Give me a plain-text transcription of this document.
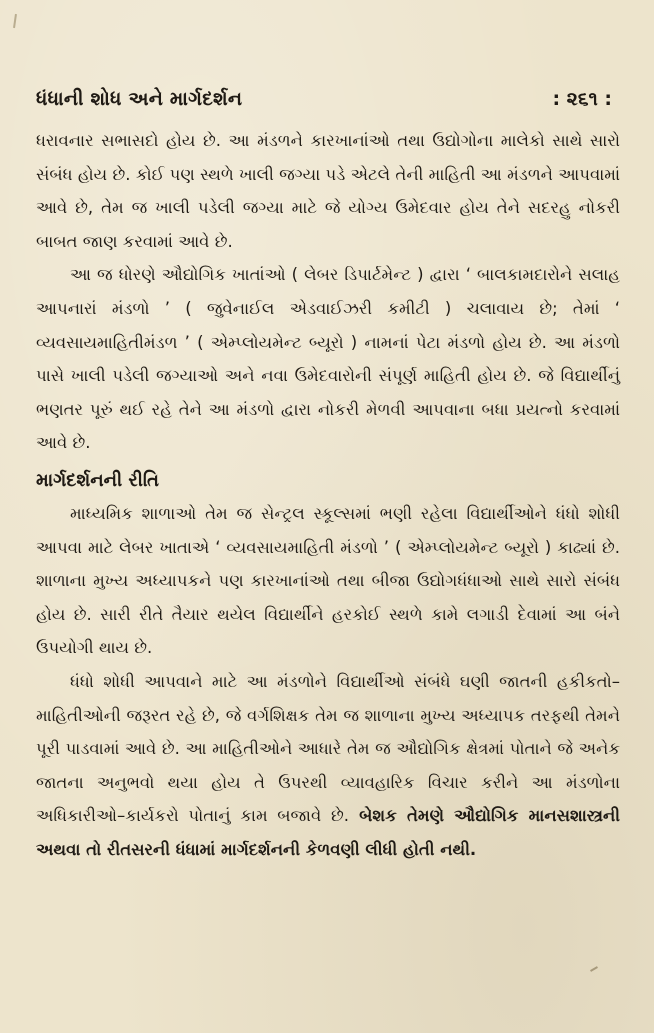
ધંધાની શોધ અને માર્ગદર્શન	: ૨૬૧ :

ધરાવનાર સભાસદો હોય છે. આ મંડળને કારખાનાંઓ તથા ઉદ્યોગોના માલેકો સાથે સારો સંબંધ હોય છે. કોઈ પણ સ્થળે ખાલી જગ્યા પડે એટલે તેની માહિતી આ મંડળને આપવામાં આવે છે, તેમ જ ખાલી પડેલી જગ્યા માટે જે યોગ્ય ઉમેદવાર હોય તેને સદરહુ નોકરી બાબત જાણ કરવામાં આવે છે.

આ જ ધોરણે ઔદ્યોગિક ખાતાંઓ ( લેબર ડિપાર્ટમેન્ટ ) દ્વારા ‘ બાલકામદારોને સલાહ આપનારાં મંડળો ’ ( જુવેનાઈલ એડવાઈઝરી કમીટી ) ચલાવાય છે; તેમાં ‘ વ્યવસાયમાહિતીમંડળ ’ ( એમ્પ્લોયમેન્ટ બ્યૂરો ) નામનાં પેટા મંડળો હોય છે. આ મંડળો પાસે ખાલી પડેલી જગ્યાઓ અને નવા ઉમેદવારોની સંપૂર્ણ માહિતી હોય છે. જે વિદ્યાર્થીનું ભણતર પૂરું થઈ રહે તેને આ મંડળો દ્વારા નોકરી મેળવી આપવાના બધા પ્રયત્નો કરવામાં આવે છે.

માર્ગદર્શનની રીતિ

માધ્યમિક શાળાઓ તેમ જ સેન્ટ્રલ સ્કૂલ્સમાં ભણી રહેલા વિદ્યાર્થીઓને ધંધો શોધી આપવા માટે લેબર ખાતાએ ‘ વ્યવસાયમાહિતી મંડળો ’ ( એમ્પ્લોયમેન્ટ બ્યૂરો ) કાઢ્યાં છે. શાળાના મુખ્ય અધ્યાપકને પણ કારખાનાંઓ તથા બીજા ઉદ્યોગધંધાઓ સાથે સારો સંબંધ હોય છે. સારી રીતે તૈયાર થયેલ વિદ્યાર્થીને હરકોઈ સ્થળે કામે લગાડી દેવામાં આ બંને ઉપયોગી થાય છે.

ધંધો શોધી આપવાને માટે આ મંડળોને વિદ્યાર્થીઓ સંબંધે ઘણી જાતની હકીકતો–માહિતીઓની જરૂરત રહે છે, જે વર્ગશિક્ષક તેમ જ શાળાના મુખ્ય અધ્યાપક તરફથી તેમને પૂરી પાડવામાં આવે છે. આ માહિતીઓને આધારે તેમ જ ઔદ્યોગિક ક્ષેત્રમાં પોતાને જે અનેક જાતના અનુભવો થયા હોય તે ઉપરથી વ્યાવહારિક વિચાર કરીને આ મંડળોના અધિકારીઓ–કાર્યકરો પોતાનું કામ બજાવે છે. બેશક તેમણે ઔદ્યોગિક માનસશાસ્ત્રની અથવા તો રીતસરની ધંધામાં માર્ગદર્શનની કેળવણી લીધી હોતી નથી.
